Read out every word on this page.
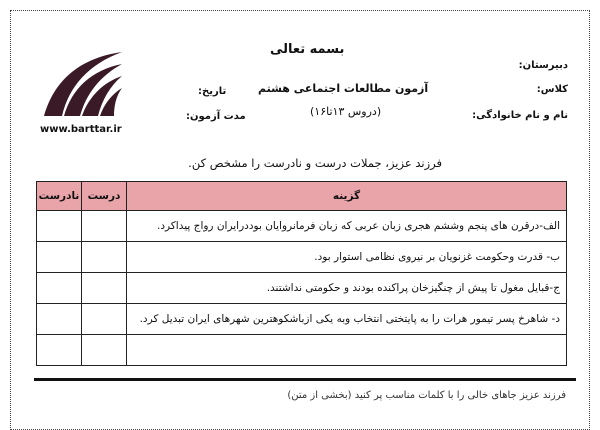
بسمه تعالی
دبیرستان:
کلاس:
نام و نام خانوادگی:
آزمون مطالعات اجتماعی هشتم
(دروس ۱۳تا۱۶)
تاریخ:
مدت آزمون:
www.barttar.ir
فرزند عزیز، جملات درست و نادرست را مشخص کن.
گزینه	درست	نادرست
الف-درقرن های پنجم وششم هجری زبان عربی که زبان فرمانروایان بوددرایران رواج پیداکرد.		
ب- قدرت وحکومت غزنویان بر نیروی نظامی استوار بود.		
ج-قبایل مغول تا پیش از چنگیزخان پراکنده بودند و حکومتی نداشتند.		
د- شاهرخ پسر تیمور هرات را به پایتختی انتخاب وبه یکی ازباشکوهترین شهرهای ایران تبدیل کرد.		

فرزند عزیز جاهای خالی را با کلمات مناسب پر کنید (بخشی از متن)
